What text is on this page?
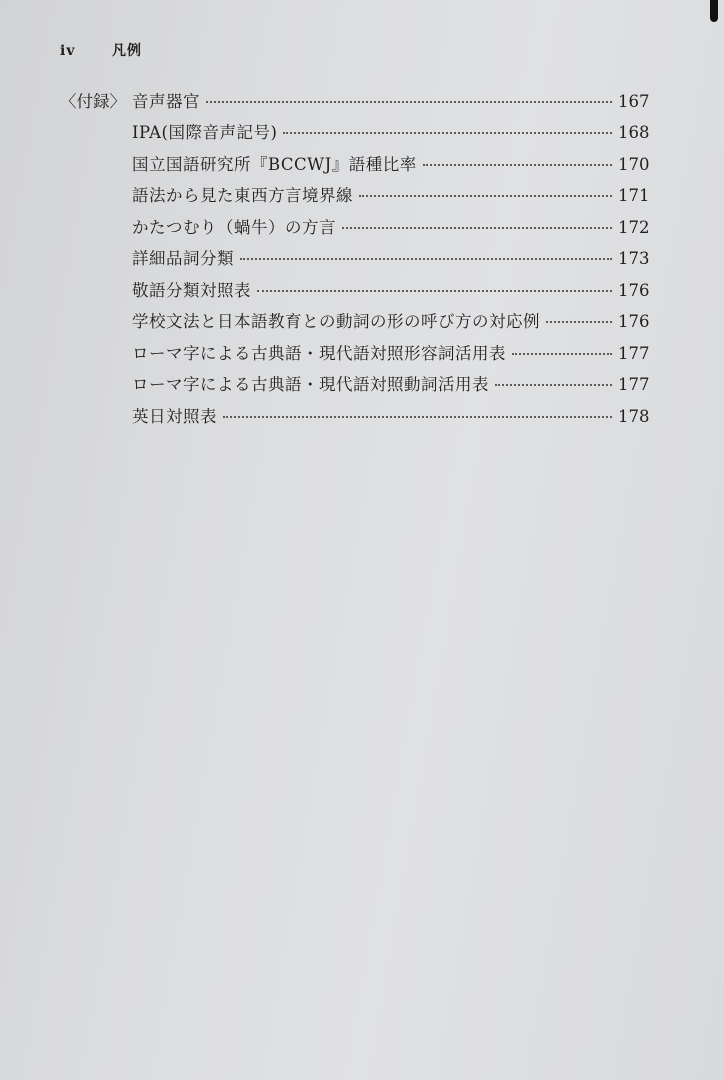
iv	凡例
〈付録〉 音声器官	167
IPA(国際音声記号)	168
国立国語研究所『BCCWJ』語種比率	170
語法から見た東西方言境界線	171
かたつむり（蝸牛）の方言	172
詳細品詞分類	173
敬語分類対照表	176
学校文法と日本語教育との動詞の形の呼び方の対応例	176
ローマ字による古典語・現代語対照形容詞活用表	177
ローマ字による古典語・現代語対照動詞活用表	177
英日対照表	178
